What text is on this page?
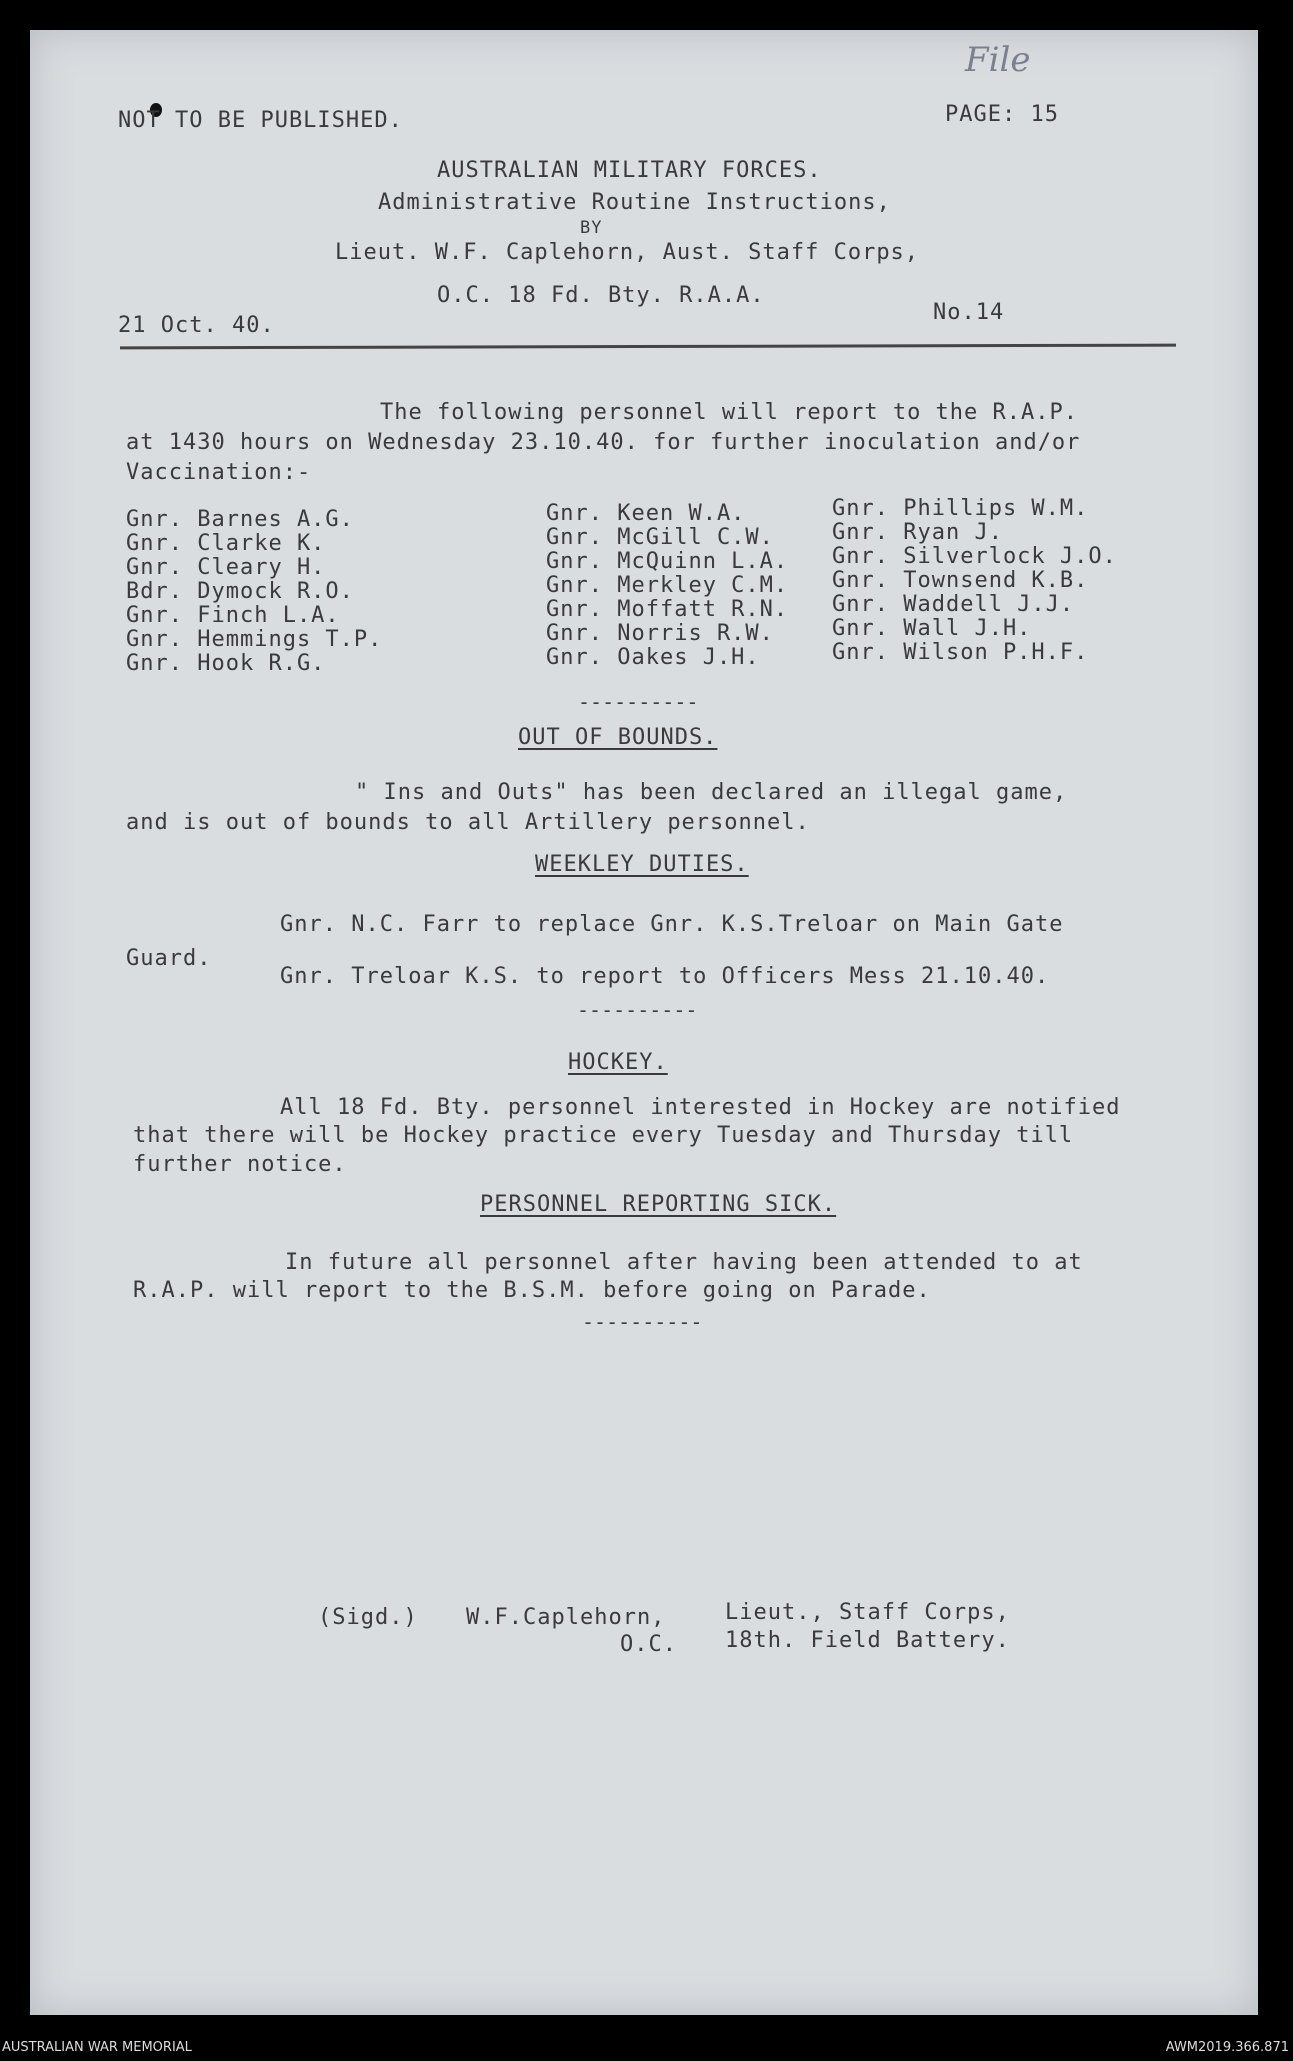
File
NOT TO BE PUBLISHED.	PAGE: 15
AUSTRALIAN MILITARY FORCES.
Administrative Routine Instructions,
BY
Lieut. W.F. Caplehorn, Aust. Staff Corps,
O.C. 18 Fd. Bty. R.A.A.
21 Oct. 40.
No.14
The following personnel will report to the R.A.P.
at 1430 hours on Wednesday 23.10.40. for further inoculation and/or
Vaccination:-
Gnr. Barnes A.G.
Gnr. Clarke K.
Gnr. Cleary H.
Bdr. Dymock R.O.
Gnr. Finch L.A.
Gnr. Hemmings T.P.
Gnr. Hook R.G.
Gnr. Keen W.A.
Gnr. McGill C.W.
Gnr. McQuinn L.A.
Gnr. Merkley C.M.
Gnr. Moffatt R.N.
Gnr. Norris R.W.
Gnr. Oakes J.H.
Gnr. Phillips W.M.
Gnr. Ryan J.
Gnr. Silverlock J.O.
Gnr. Townsend K.B.
Gnr. Waddell J.J.
Gnr. Wall J.H.
Gnr. Wilson P.H.F.
----------
OUT OF BOUNDS.
" Ins and Outs" has been declared an illegal game,
and is out of bounds to all Artillery personnel.
WEEKLEY DUTIES.
Gnr. N.C. Farr to replace Gnr. K.S.Treloar on Main Gate
Guard.
Gnr. Treloar K.S. to report to Officers Mess 21.10.40.
----------
HOCKEY.
All 18 Fd. Bty. personnel interested in Hockey are notified
that there will be Hockey practice every Tuesday and Thursday till
further notice.
PERSONNEL REPORTING SICK.
In future all personnel after having been attended to at
R.A.P. will report to the B.S.M. before going on Parade.
----------
(Sigd.) W.F.Caplehorn,
O.C.
Lieut., Staff Corps,
18th. Field Battery.
AUSTRALIAN WAR MEMORIAL	AWM2019.366.871
